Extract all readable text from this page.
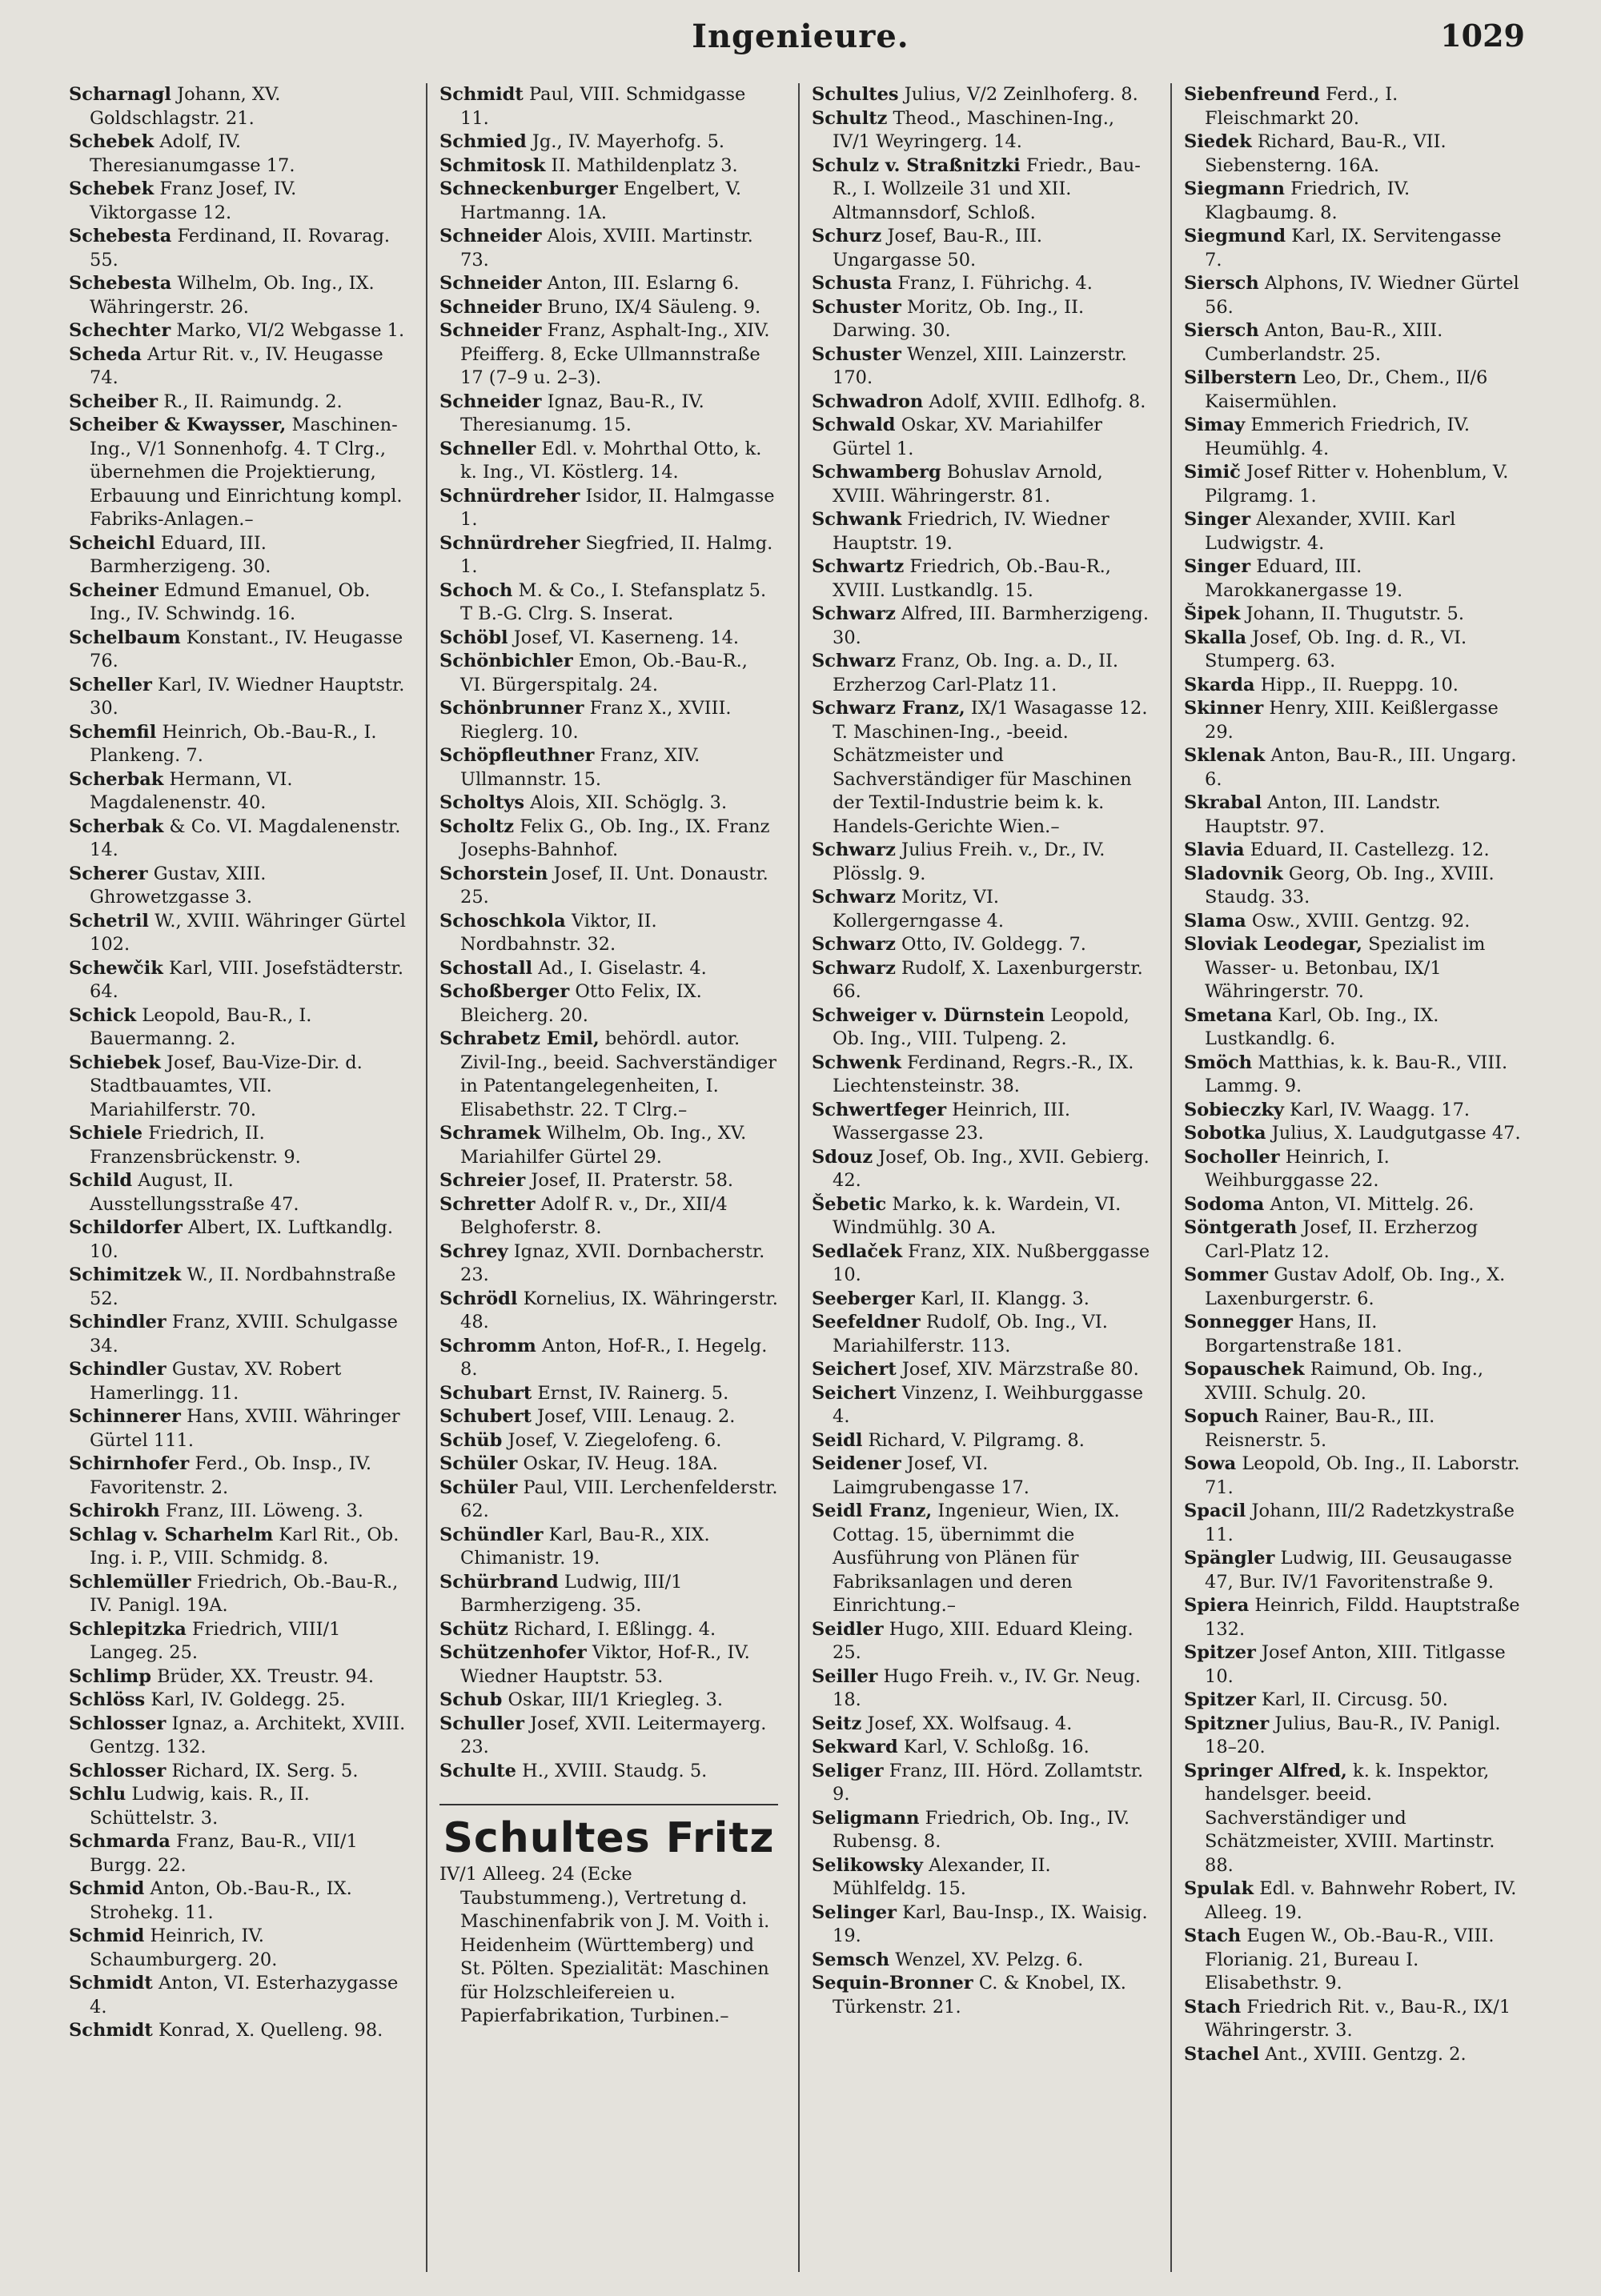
Ingenieure.	1029

Scharnagl Johann, XV. Goldschlagstr. 21.

Schebek Adolf, IV. Theresianumgasse 17.

Schebek Franz Josef, IV. Viktorgasse 12.

Schebesta Ferdinand, II. Rovarag. 55.

Schebesta Wilhelm, Ob. Ing., IX. Währingerstr. 26.

Schechter Marko, VI/2 Webgasse 1.

Scheda Artur Rit. v., IV. Heugasse 74.

Scheiber R., II. Raimundg. 2.

Scheiber & Kwaysser, Maschinen-Ing., V/1 Sonnenhofg. 4. T Clrg., übernehmen die Projektierung, Erbauung und Einrichtung kompl. Fabriks-Anlagen.–

Scheichl Eduard, III. Barmherzigeng. 30.

Scheiner Edmund Emanuel, Ob. Ing., IV. Schwindg. 16.

Schelbaum Konstant., IV. Heugasse 76.

Scheller Karl, IV. Wiedner Hauptstr. 30.

Schemfil Heinrich, Ob.-Bau-R., I. Plankeng. 7.

Scherbak Hermann, VI. Magdalenenstr. 40.

Scherbak & Co. VI. Magdalenenstr. 14.

Scherer Gustav, XIII. Ghrowetzgasse 3.

Schetril W., XVIII. Währinger Gürtel 102.

Schewčik Karl, VIII. Josefstädterstr. 64.

Schick Leopold, Bau-R., I. Bauermanng. 2.

Schiebek Josef, Bau-Vize-Dir. d. Stadtbauamtes, VII. Mariahilferstr. 70.

Schiele Friedrich, II. Franzensbrückenstr. 9.

Schild August, II. Ausstellungsstraße 47.

Schildorfer Albert, IX. Luftkandlg. 10.

Schimitzek W., II. Nordbahnstraße 52.

Schindler Franz, XVIII. Schulgasse 34.

Schindler Gustav, XV. Robert Hamerlingg. 11.

Schinnerer Hans, XVIII. Währinger Gürtel 111.

Schirnhofer Ferd., Ob. Insp., IV. Favoritenstr. 2.

Schirokh Franz, III. Löweng. 3.

Schlag v. Scharhelm Karl Rit., Ob. Ing. i. P., VIII. Schmidg. 8.

Schlemüller Friedrich, Ob.-Bau-R., IV. Panigl. 19A.

Schlepitzka Friedrich, VIII/1 Langeg. 25.

Schlimp Brüder, XX. Treustr. 94.

Schlöss Karl, IV. Goldegg. 25.

Schlosser Ignaz, a. Architekt, XVIII. Gentzg. 132.

Schlosser Richard, IX. Serg. 5.

Schlu Ludwig, kais. R., II. Schüttelstr. 3.

Schmarda Franz, Bau-R., VII/1 Burgg. 22.

Schmid Anton, Ob.-Bau-R., IX. Strohekg. 11.

Schmid Heinrich, IV. Schaumburgerg. 20.

Schmidt Anton, VI. Esterhazygasse 4.

Schmidt Konrad, X. Quelleng. 98.

Schmidt Paul, VIII. Schmidgasse 11.

Schmied Jg., IV. Mayerhofg. 5.

Schmitosk II. Mathildenplatz 3.

Schneckenburger Engelbert, V. Hartmanng. 1A.

Schneider Alois, XVIII. Martinstr. 73.

Schneider Anton, III. Eslarng 6.

Schneider Bruno, IX/4 Säuleng. 9.

Schneider Franz, Asphalt-Ing., XIV. Pfeifferg. 8, Ecke Ullmannstraße 17 (7–9 u. 2–3).

Schneider Ignaz, Bau-R., IV. Theresianumg. 15.

Schneller Edl. v. Mohrthal Otto, k. k. Ing., VI. Köstlerg. 14.

Schnürdreher Isidor, II. Halmgasse 1.

Schnürdreher Siegfried, II. Halmg. 1.

Schoch M. & Co., I. Stefansplatz 5. T B.-G. Clrg. S. Inserat.

Schöbl Josef, VI. Kaserneng. 14.

Schönbichler Emon, Ob.-Bau-R., VI. Bürgerspitalg. 24.

Schönbrunner Franz X., XVIII. Rieglerg. 10.

Schöpfleuthner Franz, XIV. Ullmannstr. 15.

Scholtys Alois, XII. Schöglg. 3.

Scholtz Felix G., Ob. Ing., IX. Franz Josephs-Bahnhof.

Schorstein Josef, II. Unt. Donaustr. 25.

Schoschkola Viktor, II. Nordbahnstr. 32.

Schostall Ad., I. Giselastr. 4.

Schoßberger Otto Felix, IX. Bleicherg. 20.

Schrabetz Emil, behördl. autor. Zivil-Ing., beeid. Sachverständiger in Patentangelegenheiten, I. Elisabethstr. 22. T Clrg.–

Schramek Wilhelm, Ob. Ing., XV. Mariahilfer Gürtel 29.

Schreier Josef, II. Praterstr. 58.

Schretter Adolf R. v., Dr., XII/4 Belghoferstr. 8.

Schrey Ignaz, XVII. Dornbacherstr. 23.

Schrödl Kornelius, IX. Währingerstr. 48.

Schromm Anton, Hof-R., I. Hegelg. 8.

Schubart Ernst, IV. Rainerg. 5.

Schubert Josef, VIII. Lenaug. 2.

Schüb Josef, V. Ziegelofeng. 6.

Schüler Oskar, IV. Heug. 18A.

Schüler Paul, VIII. Lerchenfelderstr. 62.

Schündler Karl, Bau-R., XIX. Chimanistr. 19.

Schürbrand Ludwig, III/1 Barmherzigeng. 35.

Schütz Richard, I. Eßlingg. 4.

Schützenhofer Viktor, Hof-R., IV. Wiedner Hauptstr. 53.

Schub Oskar, III/1 Kriegleg. 3.

Schuller Josef, XVII. Leitermayerg. 23.

Schulte H., XVIII. Staudg. 5.

Schultes Fritz
IV/1 Alleeg. 24 (Ecke Taubstummeng.), Vertretung d. Maschinenfabrik von J. M. Voith i. Heidenheim (Württemberg) und St. Pölten. Spezialität: Maschinen für Holzschleifereien u. Papierfabrikation, Turbinen.–

Schultes Julius, V/2 Zeinlhoferg. 8.

Schultz Theod., Maschinen-Ing., IV/1 Weyringerg. 14.

Schulz v. Straßnitzki Friedr., Bau-R., I. Wollzeile 31 und XII. Altmannsdorf, Schloß.

Schurz Josef, Bau-R., III. Ungargasse 50.

Schusta Franz, I. Führichg. 4.

Schuster Moritz, Ob. Ing., II. Darwing. 30.

Schuster Wenzel, XIII. Lainzerstr. 170.

Schwadron Adolf, XVIII. Edlhofg. 8.

Schwald Oskar, XV. Mariahilfer Gürtel 1.

Schwamberg Bohuslav Arnold, XVIII. Währingerstr. 81.

Schwank Friedrich, IV. Wiedner Hauptstr. 19.

Schwartz Friedrich, Ob.-Bau-R., XVIII. Lustkandlg. 15.

Schwarz Alfred, III. Barmherzigeng. 30.

Schwarz Franz, Ob. Ing. a. D., II. Erzherzog Carl-Platz 11.

Schwarz Franz, IX/1 Wasagasse 12. T. Maschinen-Ing., -beeid. Schätzmeister und Sachverständiger für Maschinen der Textil-Industrie beim k. k. Handels-Gerichte Wien.–

Schwarz Julius Freih. v., Dr., IV. Plösslg. 9.

Schwarz Moritz, VI. Kollergerngasse 4.

Schwarz Otto, IV. Goldegg. 7.

Schwarz Rudolf, X. Laxenburgerstr. 66.

Schweiger v. Dürnstein Leopold, Ob. Ing., VIII. Tulpeng. 2.

Schwenk Ferdinand, Regrs.-R., IX. Liechtensteinstr. 38.

Schwertfeger Heinrich, III. Wassergasse 23.

Sdouz Josef, Ob. Ing., XVII. Gebierg. 42.

Šebetic Marko, k. k. Wardein, VI. Windmühlg. 30 A.

Sedlaček Franz, XIX. Nußberggasse 10.

Seeberger Karl, II. Klangg. 3.

Seefeldner Rudolf, Ob. Ing., VI. Mariahilferstr. 113.

Seichert Josef, XIV. Märzstraße 80.

Seichert Vinzenz, I. Weihburggasse 4.

Seidl Richard, V. Pilgramg. 8.

Seidener Josef, VI. Laimgrubengasse 17.

Seidl Franz, Ingenieur, Wien, IX. Cottag. 15, übernimmt die Ausführung von Plänen für Fabriksanlagen und deren Einrichtung.–

Seidler Hugo, XIII. Eduard Kleing. 25.

Seiller Hugo Freih. v., IV. Gr. Neug. 18.

Seitz Josef, XX. Wolfsaug. 4.

Sekward Karl, V. Schloßg. 16.

Seliger Franz, III. Hörd. Zollamtstr. 9.

Seligmann Friedrich, Ob. Ing., IV. Rubensg. 8.

Selikowsky Alexander, II. Mühlfeldg. 15.

Selinger Karl, Bau-Insp., IX. Waisig. 19.

Semsch Wenzel, XV. Pelzg. 6.

Sequin-Bronner C. & Knobel, IX. Türkenstr. 21.

Siebenfreund Ferd., I. Fleischmarkt 20.

Siedek Richard, Bau-R., VII. Siebensterng. 16A.

Siegmann Friedrich, IV. Klagbaumg. 8.

Siegmund Karl, IX. Servitengasse 7.

Siersch Alphons, IV. Wiedner Gürtel 56.

Siersch Anton, Bau-R., XIII. Cumberlandstr. 25.

Silberstern Leo, Dr., Chem., II/6 Kaisermühlen.

Simay Emmerich Friedrich, IV. Heumühlg. 4.

Simič Josef Ritter v. Hohenblum, V. Pilgramg. 1.

Singer Alexander, XVIII. Karl Ludwigstr. 4.

Singer Eduard, III. Marokkanergasse 19.

Šipek Johann, II. Thugutstr. 5.

Skalla Josef, Ob. Ing. d. R., VI. Stumperg. 63.

Skarda Hipp., II. Rueppg. 10.

Skinner Henry, XIII. Keißlergasse 29.

Sklenak Anton, Bau-R., III. Ungarg. 6.

Skrabal Anton, III. Landstr. Hauptstr. 97.

Slavia Eduard, II. Castellezg. 12.

Sladovnik Georg, Ob. Ing., XVIII. Staudg. 33.

Slama Osw., XVIII. Gentzg. 92.

Sloviak Leodegar, Spezialist im Wasser- u. Betonbau, IX/1 Währingerstr. 70.

Smetana Karl, Ob. Ing., IX. Lustkandlg. 6.

Smöch Matthias, k. k. Bau-R., VIII. Lammg. 9.

Sobieczky Karl, IV. Waagg. 17.

Sobotka Julius, X. Laudgutgasse 47.

Socholler Heinrich, I. Weihburggasse 22.

Sodoma Anton, VI. Mittelg. 26.

Söntgerath Josef, II. Erzherzog Carl-Platz 12.

Sommer Gustav Adolf, Ob. Ing., X. Laxenburgerstr. 6.

Sonnegger Hans, II. Borgartenstraße 181.

Sopauschek Raimund, Ob. Ing., XVIII. Schulg. 20.

Sopuch Rainer, Bau-R., III. Reisnerstr. 5.

Sowa Leopold, Ob. Ing., II. Laborstr. 71.

Spacil Johann, III/2 Radetzkystraße 11.

Spängler Ludwig, III. Geusaugasse 47, Bur. IV/1 Favoritenstraße 9.

Spiera Heinrich, Fildd. Hauptstraße 132.

Spitzer Josef Anton, XIII. Titlgasse 10.

Spitzer Karl, II. Circusg. 50.

Spitzner Julius, Bau-R., IV. Panigl. 18–20.

Springer Alfred, k. k. Inspektor, handelsger. beeid. Sachverständiger und Schätzmeister, XVIII. Martinstr. 88.

Spulak Edl. v. Bahnwehr Robert, IV. Alleeg. 19.

Stach Eugen W., Ob.-Bau-R., VIII. Florianig. 21, Bureau I. Elisabethstr. 9.

Stach Friedrich Rit. v., Bau-R., IX/1 Währingerstr. 3.

Stachel Ant., XVIII. Gentzg. 2.
